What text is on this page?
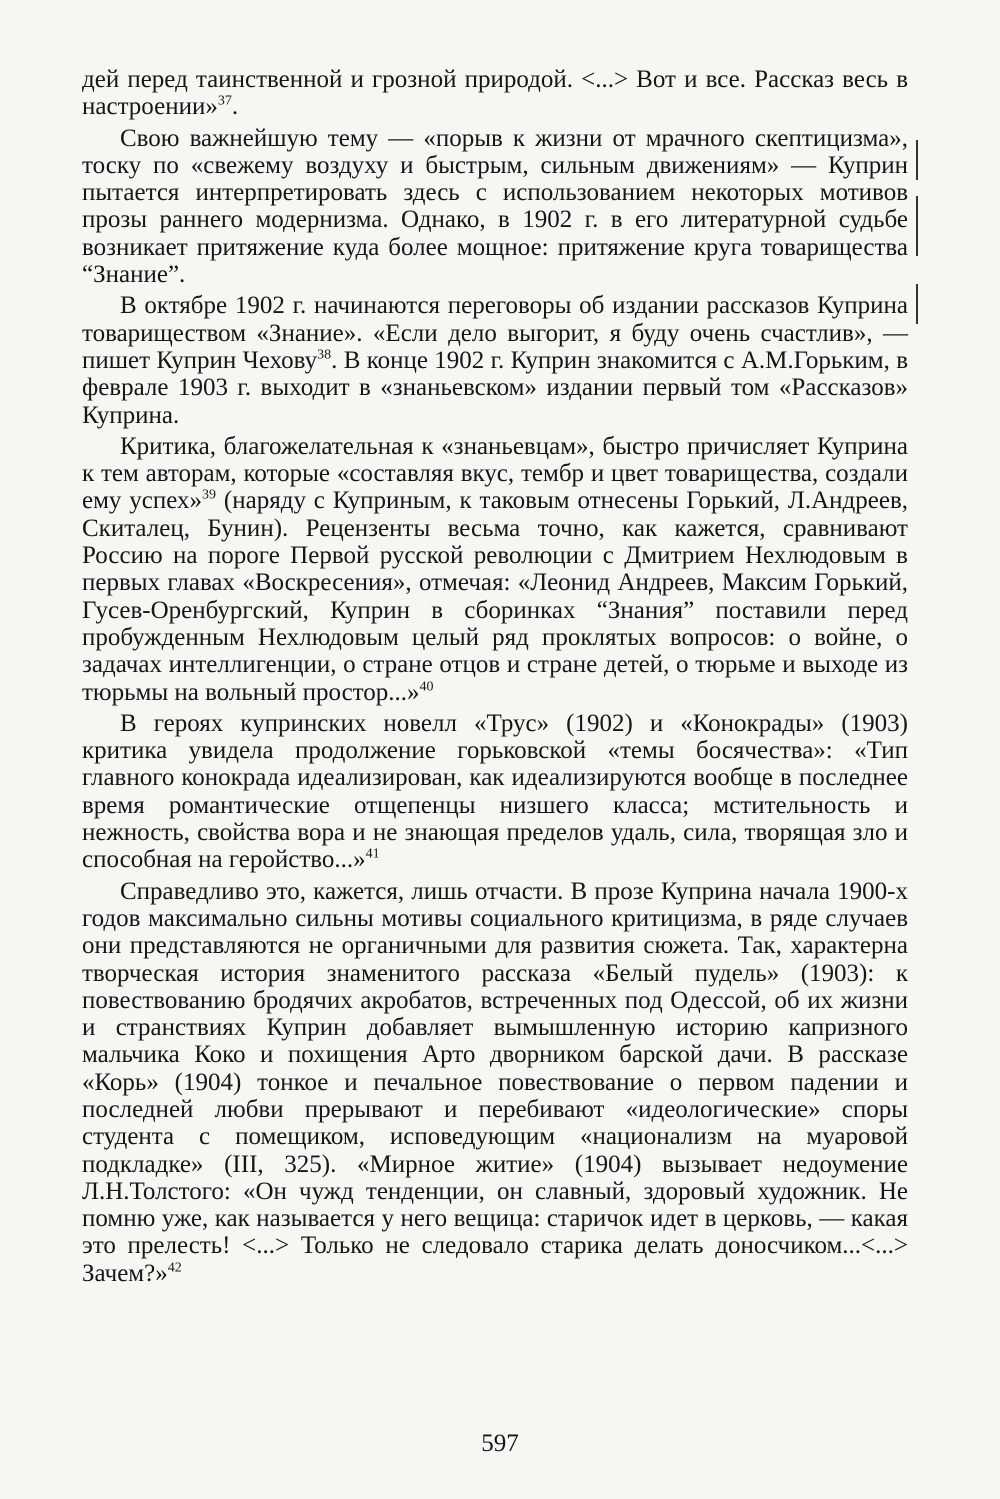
дей перед таинственной и грозной природой. <...> Вот и все. Рассказ весь в настроении»$^{37}$.

Свою важнейшую тему — «порыв к жизни от мрачного скептицизма», тоску по «свежему воздуху и быстрым, сильным движениям» — Куприн пытается интерпретировать здесь с использованием некоторых мотивов прозы раннего модернизма. Однако, в 1902 г. в его литературной судьбе возникает притяжение куда более мощное: притяжение круга товарищества “Знание”.

В октябре 1902 г. начинаются переговоры об издании рассказов Куприна товариществом «Знание». «Если дело выгорит, я буду очень счастлив», — пишет Куприн Чехову$^{38}$. В конце 1902 г. Куприн знакомится с А.М.Горьким, в феврале 1903 г. выходит в «знаньевском» издании первый том «Рассказов» Куприна.

Критика, благожелательная к «знаньевцам», быстро причисляет Куприна к тем авторам, которые «составляя вкус, тембр и цвет товарищества, создали ему успех»$^{39}$ (наряду с Куприным, к таковым отнесены Горький, Л.Андреев, Скиталец, Бунин). Рецензенты весьма точно, как кажется, сравнивают Россию на пороге Первой русской революции с Дмитрием Нехлюдовым в первых главах «Воскресения», отмечая: «Леонид Андреев, Максим Горький, Гусев-Оренбургский, Куприн в сборинках “Знания” поставили перед пробужденным Нехлюдовым целый ряд проклятых вопросов: о войне, о задачах интеллигенции, о стране отцов и стране детей, о тюрьме и выходе из тюрьмы на вольный простор...»$^{40}$

В героях купринских новелл «Трус» (1902) и «Конокрады» (1903) критика увидела продолжение горьковской «темы босячества»: «Тип главного конокрада идеализирован, как идеализируются вообще в последнее время романтические отщепенцы низшего класса; мстительность и нежность, свойства вора и не знающая пределов удаль, сила, творящая зло и способная на геройство...»$^{41}$

Справедливо это, кажется, лишь отчасти. В прозе Куприна начала 1900-х годов максимально сильны мотивы социального критицизма, в ряде случаев они представляются не органичными для развития сюжета. Так, характерна творческая история знаменитого рассказа «Белый пудель» (1903): к повествованию бродячих акробатов, встреченных под Одессой, об их жизни и странствиях Куприн добавляет вымышленную историю капризного мальчика Коко и похищения Арто дворником барской дачи. В рассказе «Корь» (1904) тонкое и печальное повествование о первом падении и последней любви прерывают и перебивают «идеологические» споры студента с помещиком, исповедующим «национализм на муаровой подкладке» (III, 325). «Мирное житие» (1904) вызывает недоумение Л.Н.Толстого: «Он чужд тенденции, он славный, здоровый художник. Не помню уже, как называется у него вещица: старичок идет в церковь, — какая это прелесть! <...> Только не следовало старика делать доносчиком...<...> Зачем?»$^{42}$

597
